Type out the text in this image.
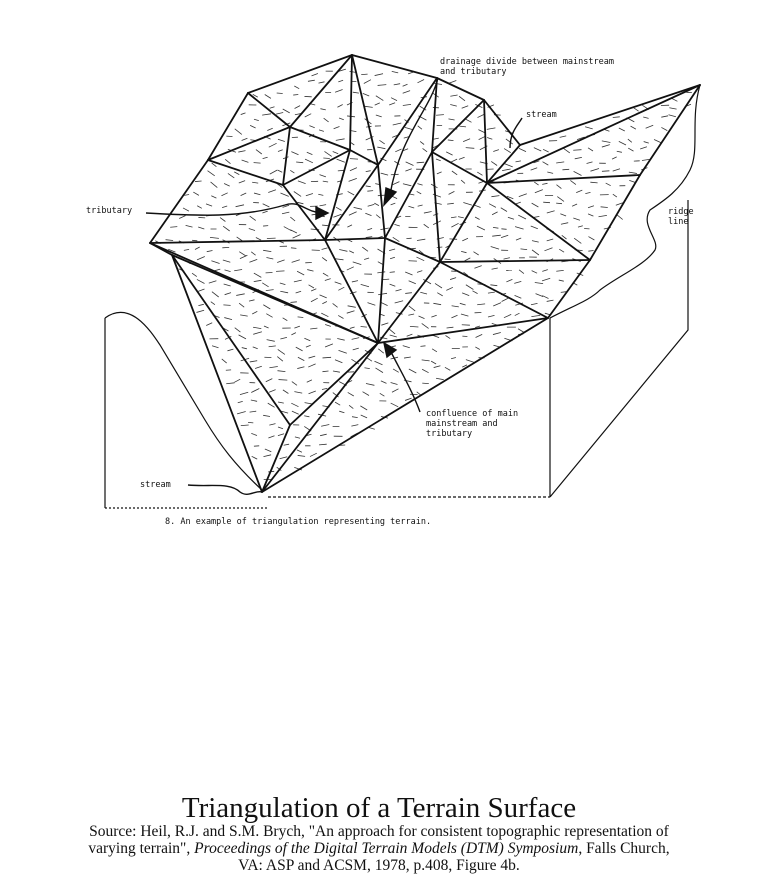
drainage divide between mainstream
and tributary
stream
tributary	ridge
line
confluence of main
mainstream and
tributary
stream
8. An example of triangulation representing terrain.
Triangulation of a Terrain Surface
Source: Heil, R.J. and S.M. Brych, "An approach for consistent topographic representation of
varying terrain", Proceedings of the Digital Terrain Models (DTM) Symposium, Falls Church,
VA: ASP and ACSM, 1978, p.408, Figure 4b.
